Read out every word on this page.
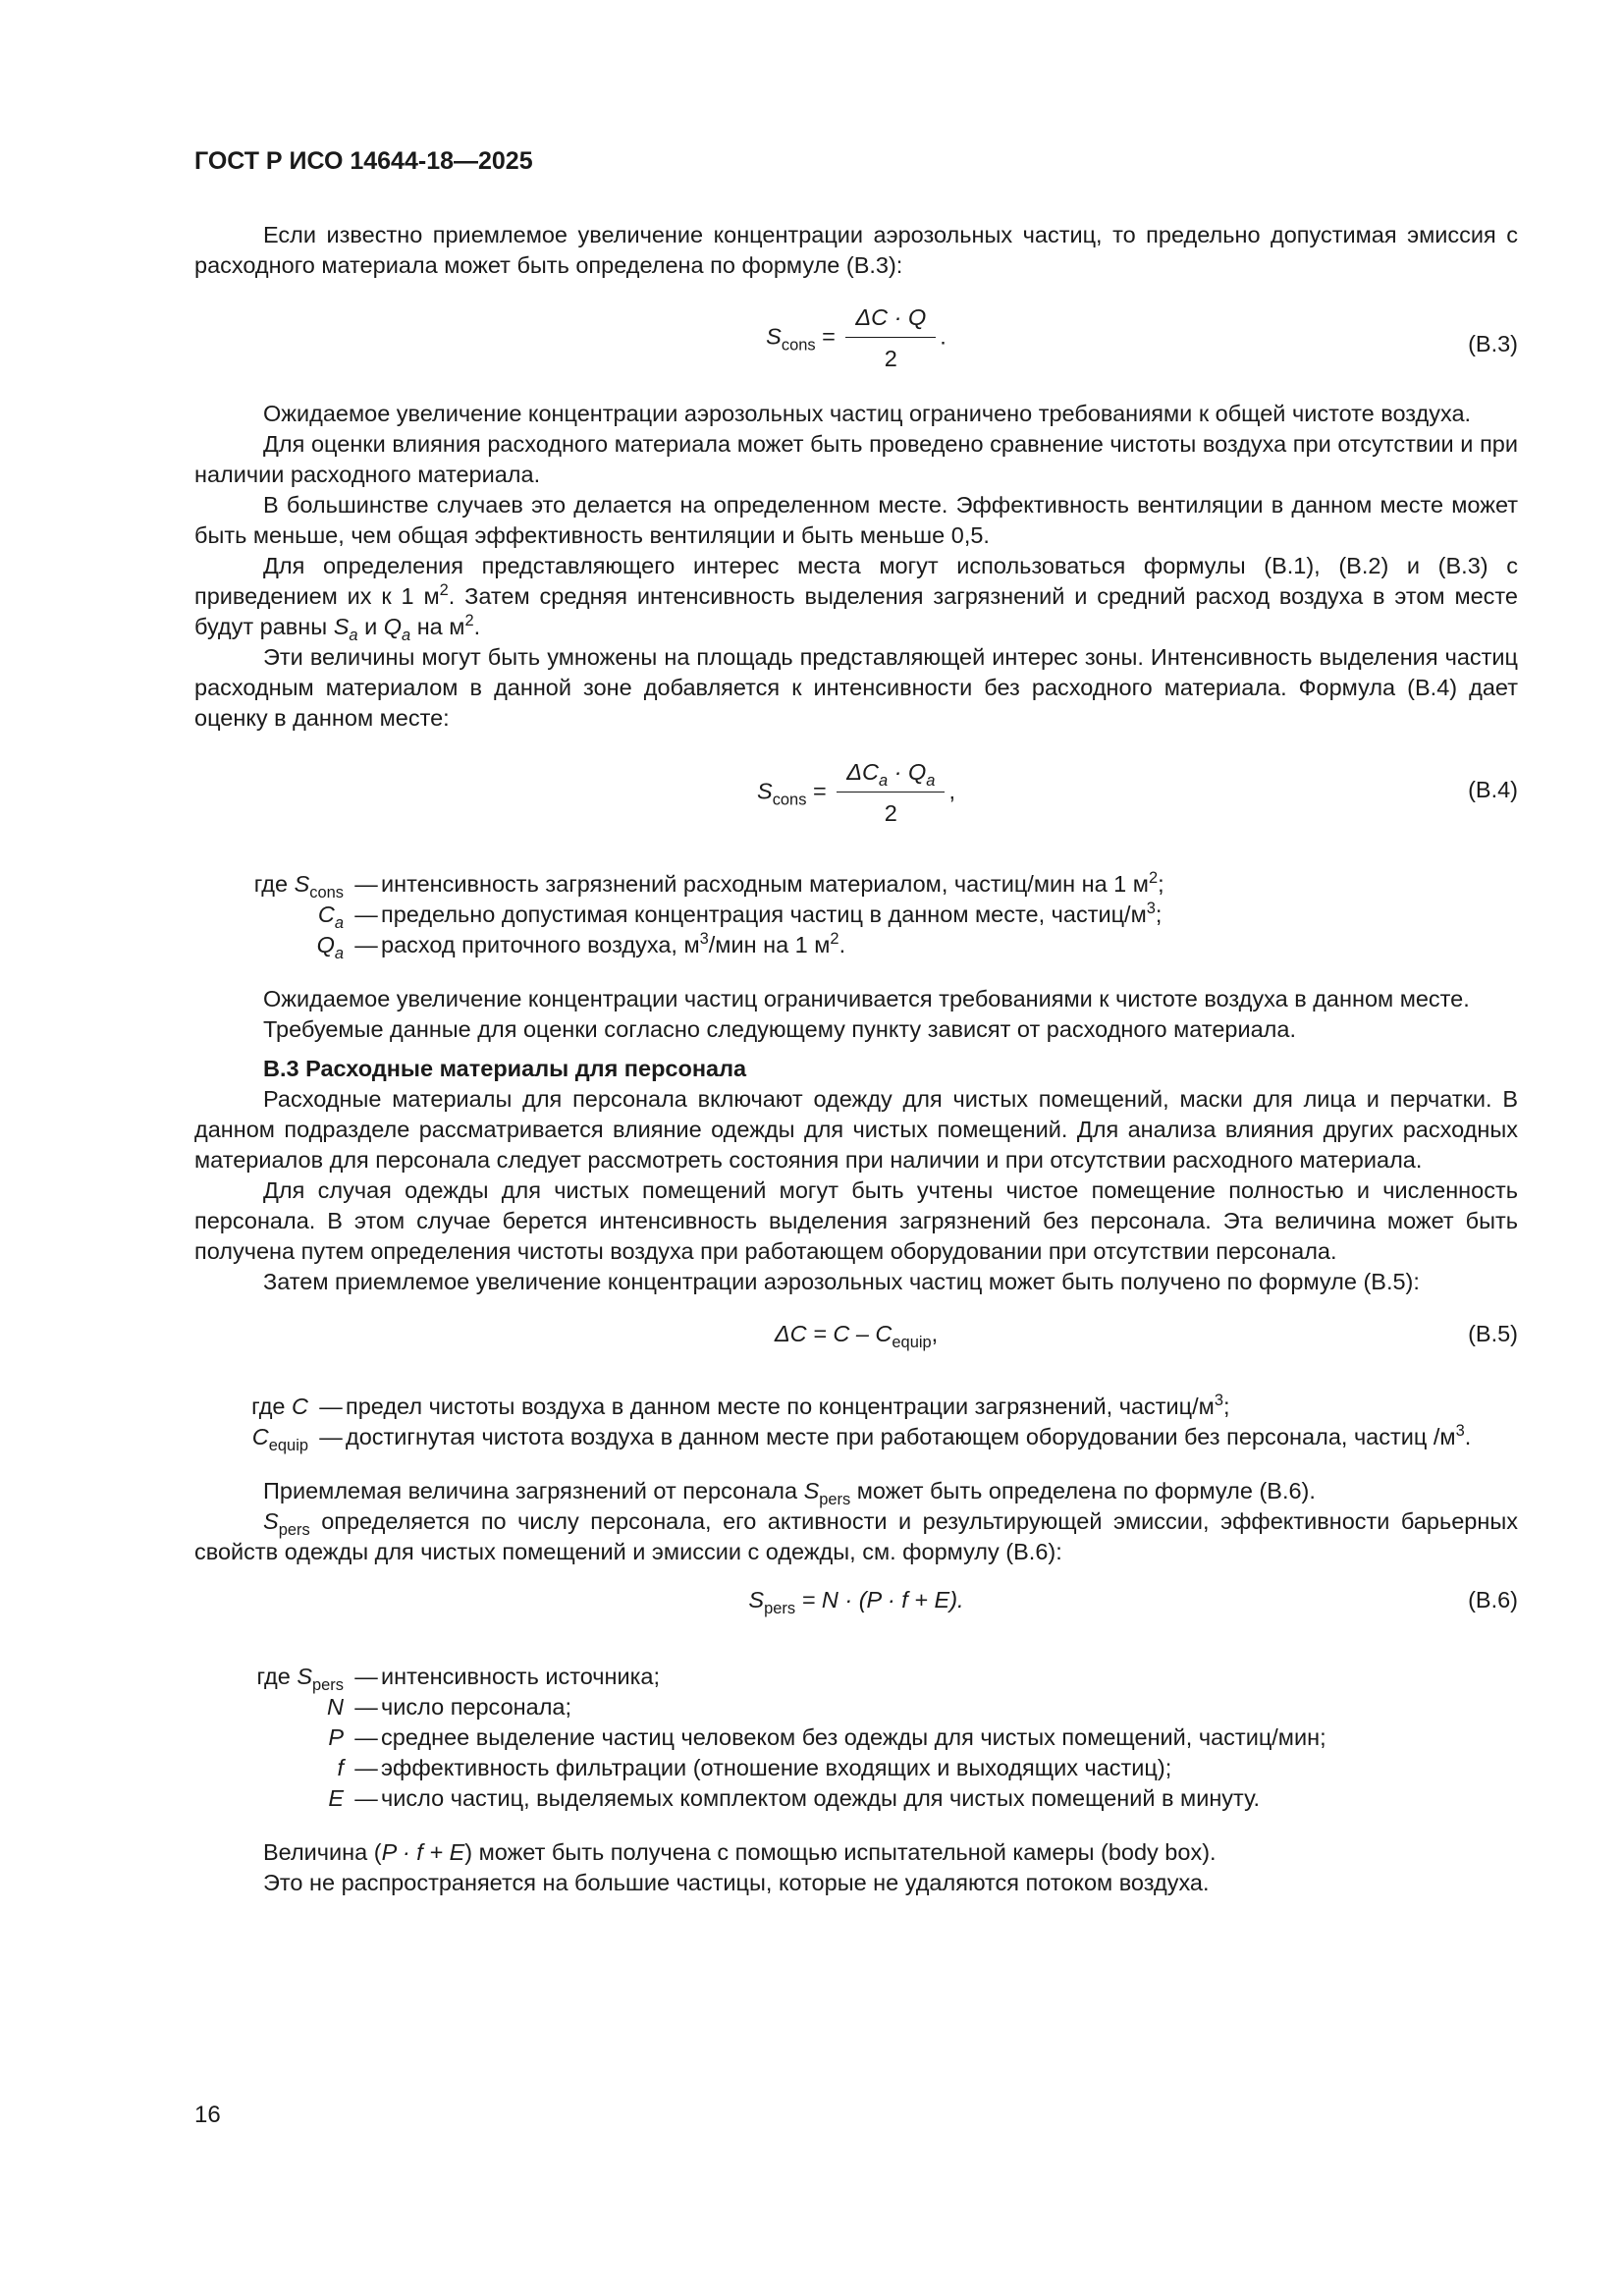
ГОСТ Р ИСО 14644-18—2025

Если известно приемлемое увеличение концентрации аэрозольных частиц, то предельно допустимая эмиссия с расходного материала может быть определена по формуле (B.3):

$S_{cons} = \frac{\Delta C \cdot Q}{2}$ .	(B.3)

Ожидаемое увеличение концентрации аэрозольных частиц ограничено требованиями к общей чистоте воздуха.

Для оценки влияния расходного материала может быть проведено сравнение чистоты воздуха при отсутствии и при наличии расходного материала.

В большинстве случаев это делается на определенном месте. Эффективность вентиляции в данном месте может быть меньше, чем общая эффективность вентиляции и быть меньше 0,5.

Для определения представляющего интерес места могут использоваться формулы (B.1), (B.2) и (B.3) с приведением их к 1 $м^2$. Затем средняя интенсивность выделения загрязнений и средний расход воздуха в этом месте будут равны $S_a$ и $Q_a$ на $м^2$.

Эти величины могут быть умножены на площадь представляющей интерес зоны. Интенсивность выделения частиц расходным материалом в данной зоне добавляется к интенсивности без расходного материала. Формула (B.4) дает оценку в данном месте:

$S_{cons} = \frac{\Delta C_a \cdot Q_a}{2}$ ,	(B.4)
где $S_{cons}$ — интенсивность загрязнений расходным материалом, частиц/мин на 1 $м^2$;
$C_a$ — предельно допустимая концентрация частиц в данном месте, частиц/$м^3$;
$Q_a$ — расход приточного воздуха, $м^3$/мин на 1 $м^2$.

Ожидаемое увеличение концентрации частиц ограничивается требованиями к чистоте воздуха в данном месте.

Требуемые данные для оценки согласно следующему пункту зависят от расходного материала.

B.3 Расходные материалы для персонала

Расходные материалы для персонала включают одежду для чистых помещений, маски для лица и перчатки. В данном подразделе рассматривается влияние одежды для чистых помещений. Для анализа влияния других расходных материалов для персонала следует рассмотреть состояния при наличии и при отсутствии расходного материала.

Для случая одежды для чистых помещений могут быть учтены чистое помещение полностью и численность персонала. В этом случае берется интенсивность выделения загрязнений без персонала. Эта величина может быть получена путем определения чистоты воздуха при работающем оборудовании при отсутствии персонала.

Затем приемлемое увеличение концентрации аэрозольных частиц может быть получено по формуле (B.5):

$\Delta C = C - C_{equip}$,	(B.5)
где C — предел чистоты воздуха в данном месте по концентрации загрязнений, частиц/$м^3$;
$C_{equip}$ — достигнутая чистота воздуха в данном месте при работающем оборудовании без персонала, частиц $/м^3$.

Приемлемая величина загрязнений от персонала $S_{pers}$ может быть определена по формуле (B.6).

$S_{pers}$ определяется по числу персонала, его активности и результирующей эмиссии, эффективности барьерных свойств одежды для чистых помещений и эмиссии с одежды, см. формулу (B.6):

$S_{pers} = N \cdot (P \cdot f + E)$.	(B.6)
где $S_{pers}$ — интенсивность источника;
N — число персонала;
P — среднее выделение частиц человеком без одежды для чистых помещений, частиц/мин;
f — эффективность фильтрации (отношение входящих и выходящих частиц);
E — число частиц, выделяемых комплектом одежды для чистых помещений в минуту.

Величина (P · f + E) может быть получена с помощью испытательной камеры (body box).

Это не распространяется на большие частицы, которые не удаляются потоком воздуха.

16
